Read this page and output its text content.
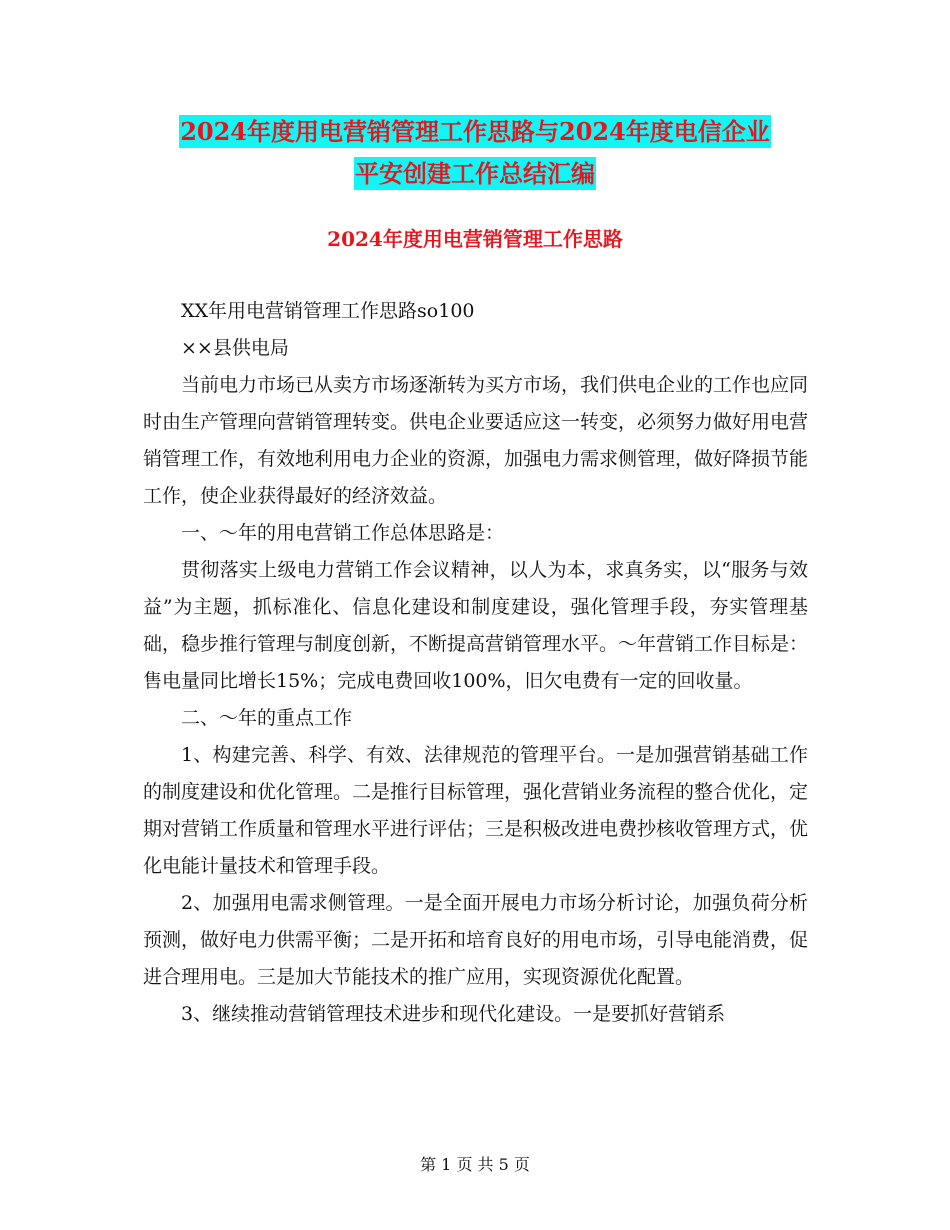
2024年度用电营销管理工作思路与2024年度电信企业
平安创建工作总结汇编
2024年度用电营销管理工作思路

XX年用电营销管理工作思路so100

××县供电局

当前电力市场已从卖方市场逐渐转为买方市场，我们供电企业的工作也应同时由生产管理向营销管理转变。供电企业要适应这一转变，必须努力做好用电营销管理工作，有效地利用电力企业的资源，加强电力需求侧管理，做好降损节能工作，使企业获得最好的经济效益。

一、～年的用电营销工作总体思路是：

贯彻落实上级电力营销工作会议精神，以人为本，求真务实，以“服务与效益”为主题，抓标准化、信息化建设和制度建设，强化管理手段，夯实管理基础，稳步推行管理与制度创新，不断提高营销管理水平。～年营销工作目标是：售电量同比增长15%；完成电费回收100%，旧欠电费有一定的回收量。

二、～年的重点工作

1、构建完善、科学、有效、法律规范的管理平台。一是加强营销基础工作的制度建设和优化管理。二是推行目标管理，强化营销业务流程的整合优化，定期对营销工作质量和管理水平进行评估；三是积极改进电费抄核收管理方式，优化电能计量技术和管理手段。

2、加强用电需求侧管理。一是全面开展电力市场分析讨论，加强负荷分析预测，做好电力供需平衡；二是开拓和培育良好的用电市场，引导电能消费，促进合理用电。三是加大节能技术的推广应用，实现资源优化配置。

3、继续推动营销管理技术进步和现代化建设。一是要抓好营销系

第 1 页 共 5 页
